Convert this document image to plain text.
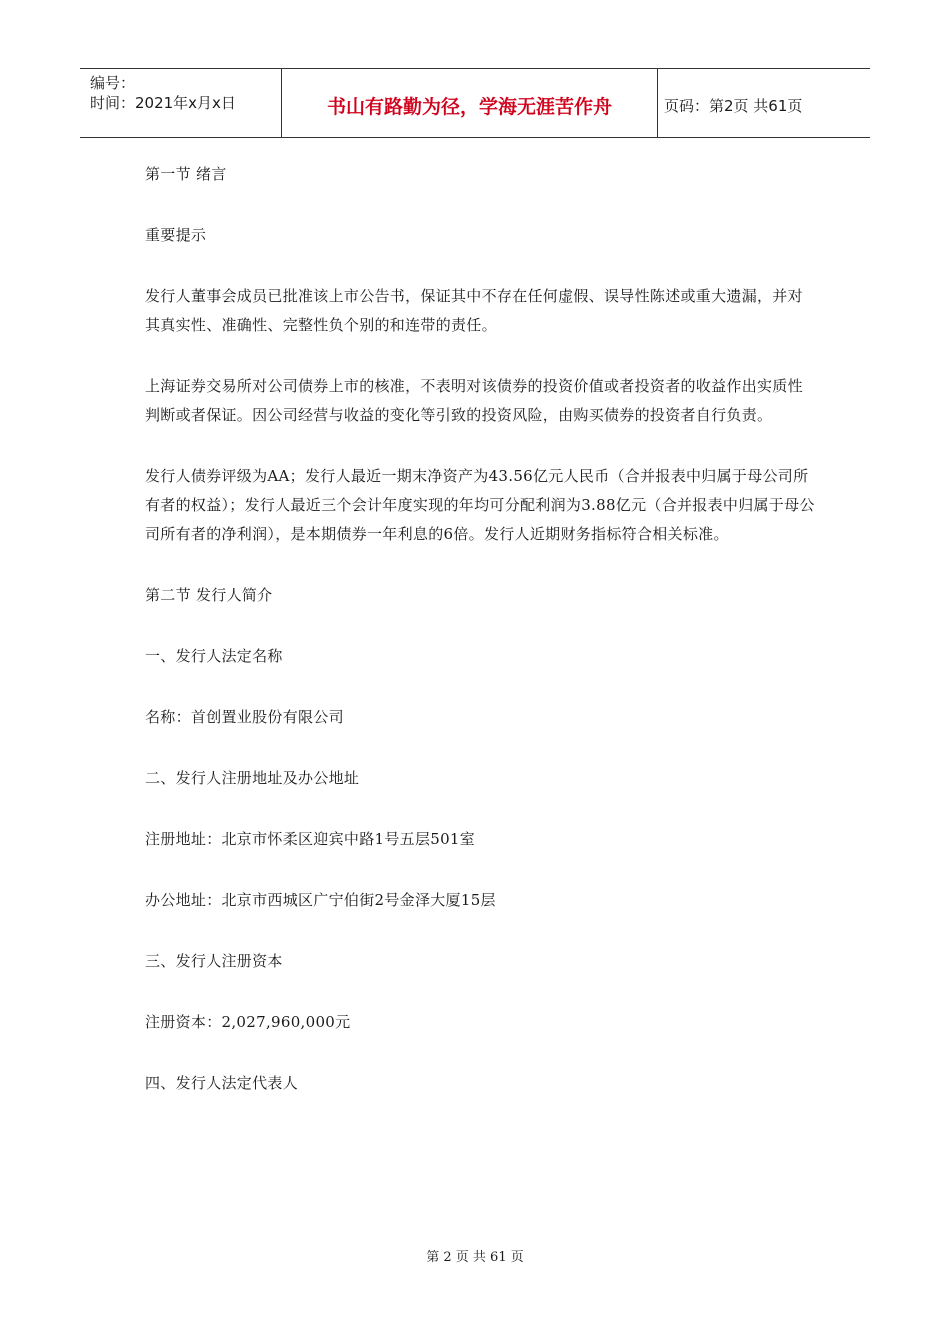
编号：
时间：2021年x月x日	书山有路勤为径，学海无涯苦作舟	页码：第2页 共61页

第一节 绪言

重要提示

发行人董事会成员已批准该上市公告书，保证其中不存在任何虚假、误导性陈述或重大遗漏，并对其真实性、准确性、完整性负个别的和连带的责任。

上海证券交易所对公司债券上市的核准，不表明对该债券的投资价值或者投资者的收益作出实质性判断或者保证。因公司经营与收益的变化等引致的投资风险，由购买债券的投资者自行负责。

发行人债券评级为AA；发行人最近一期末净资产为43.56亿元人民币（合并报表中归属于母公司所有者的权益）；发行人最近三个会计年度实现的年均可分配利润为3.88亿元（合并报表中归属于母公司所有者的净利润），是本期债券一年利息的6倍。发行人近期财务指标符合相关标准。

第二节 发行人简介

一、发行人法定名称

名称：首创置业股份有限公司

二、发行人注册地址及办公地址

注册地址：北京市怀柔区迎宾中路1号五层501室

办公地址：北京市西城区广宁伯街2号金泽大厦15层

三、发行人注册资本

注册资本：2,027,960,000元

四、发行人法定代表人

第 2 页 共 61 页
